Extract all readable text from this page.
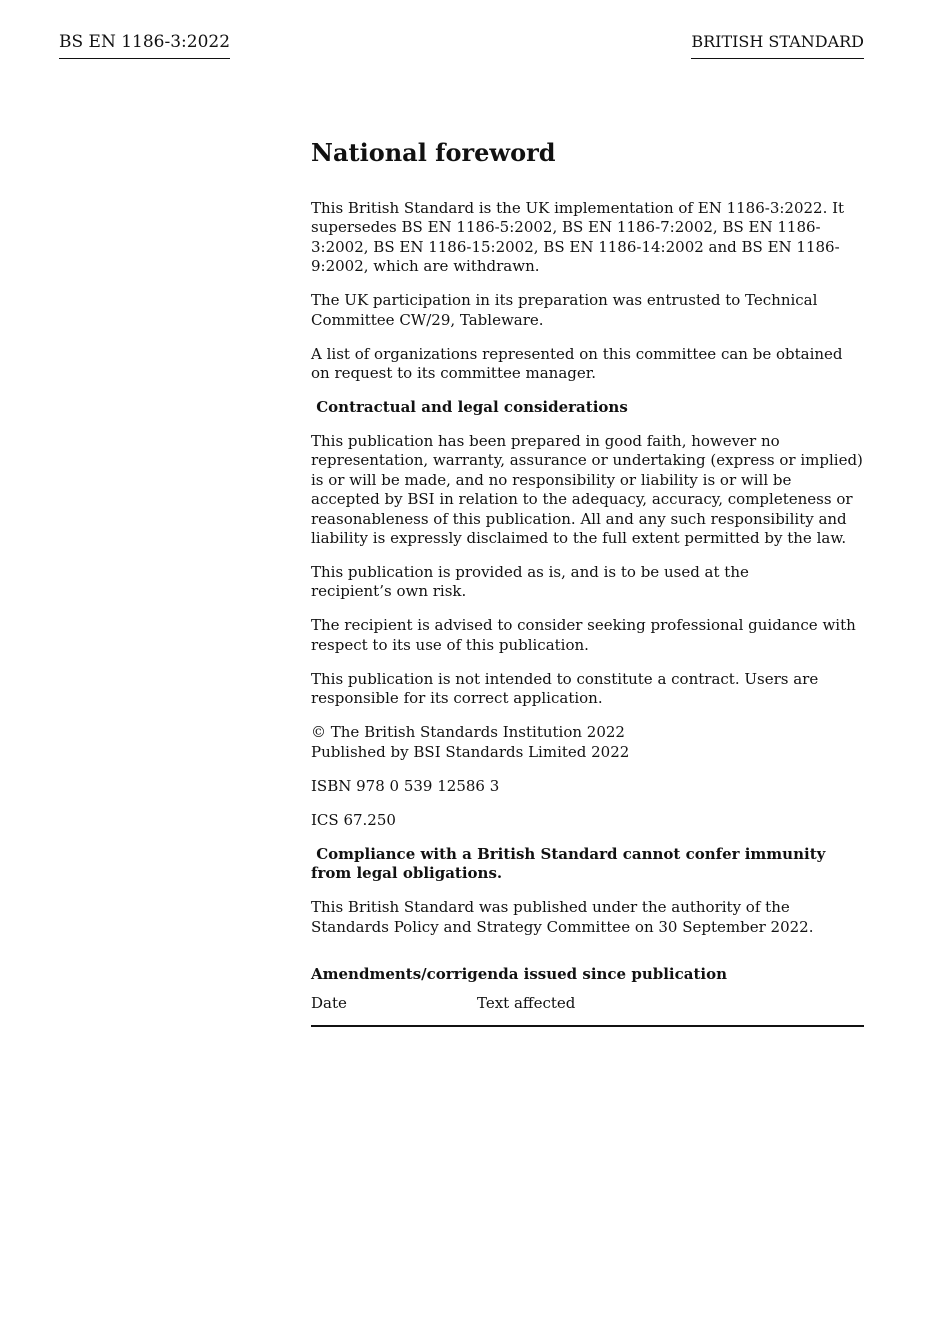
BS EN 1186-3:2022	BRITISH STANDARD
National foreword

This British Standard is the UK implementation of EN 1186-3:2022. It supersedes BS EN 1186-5:2002, BS EN 1186-7:2002, BS EN 1186-3:2002, BS EN 1186-15:2002, BS EN 1186-14:2002 and BS EN 1186-9:2002, which are withdrawn.

The UK participation in its preparation was entrusted to Technical Committee CW/29, Tableware.

A list of organizations represented on this committee can be obtained on request to its committee manager.

Contractual and legal considerations

This publication has been prepared in good faith, however no representation, warranty, assurance or undertaking (express or implied) is or will be made, and no responsibility or liability is or will be accepted by BSI in relation to the adequacy, accuracy, completeness or reasonableness of this publication. All and any such responsibility and liability is expressly disclaimed to the full extent permitted by the law.

This publication is provided as is, and is to be used at the
recipient’s own risk.

The recipient is advised to consider seeking professional guidance with respect to its use of this publication.

This publication is not intended to constitute a contract. Users are responsible for its correct application.

© The British Standards Institution 2022
Published by BSI Standards Limited 2022

ISBN 978 0 539 12586 3

ICS 67.250

Compliance with a British Standard cannot confer immunity from legal obligations.

This British Standard was published under the authority of the Standards Policy and Strategy Committee on 30 September 2022.

Amendments/corrigenda issued since publication
Date	Text affected
